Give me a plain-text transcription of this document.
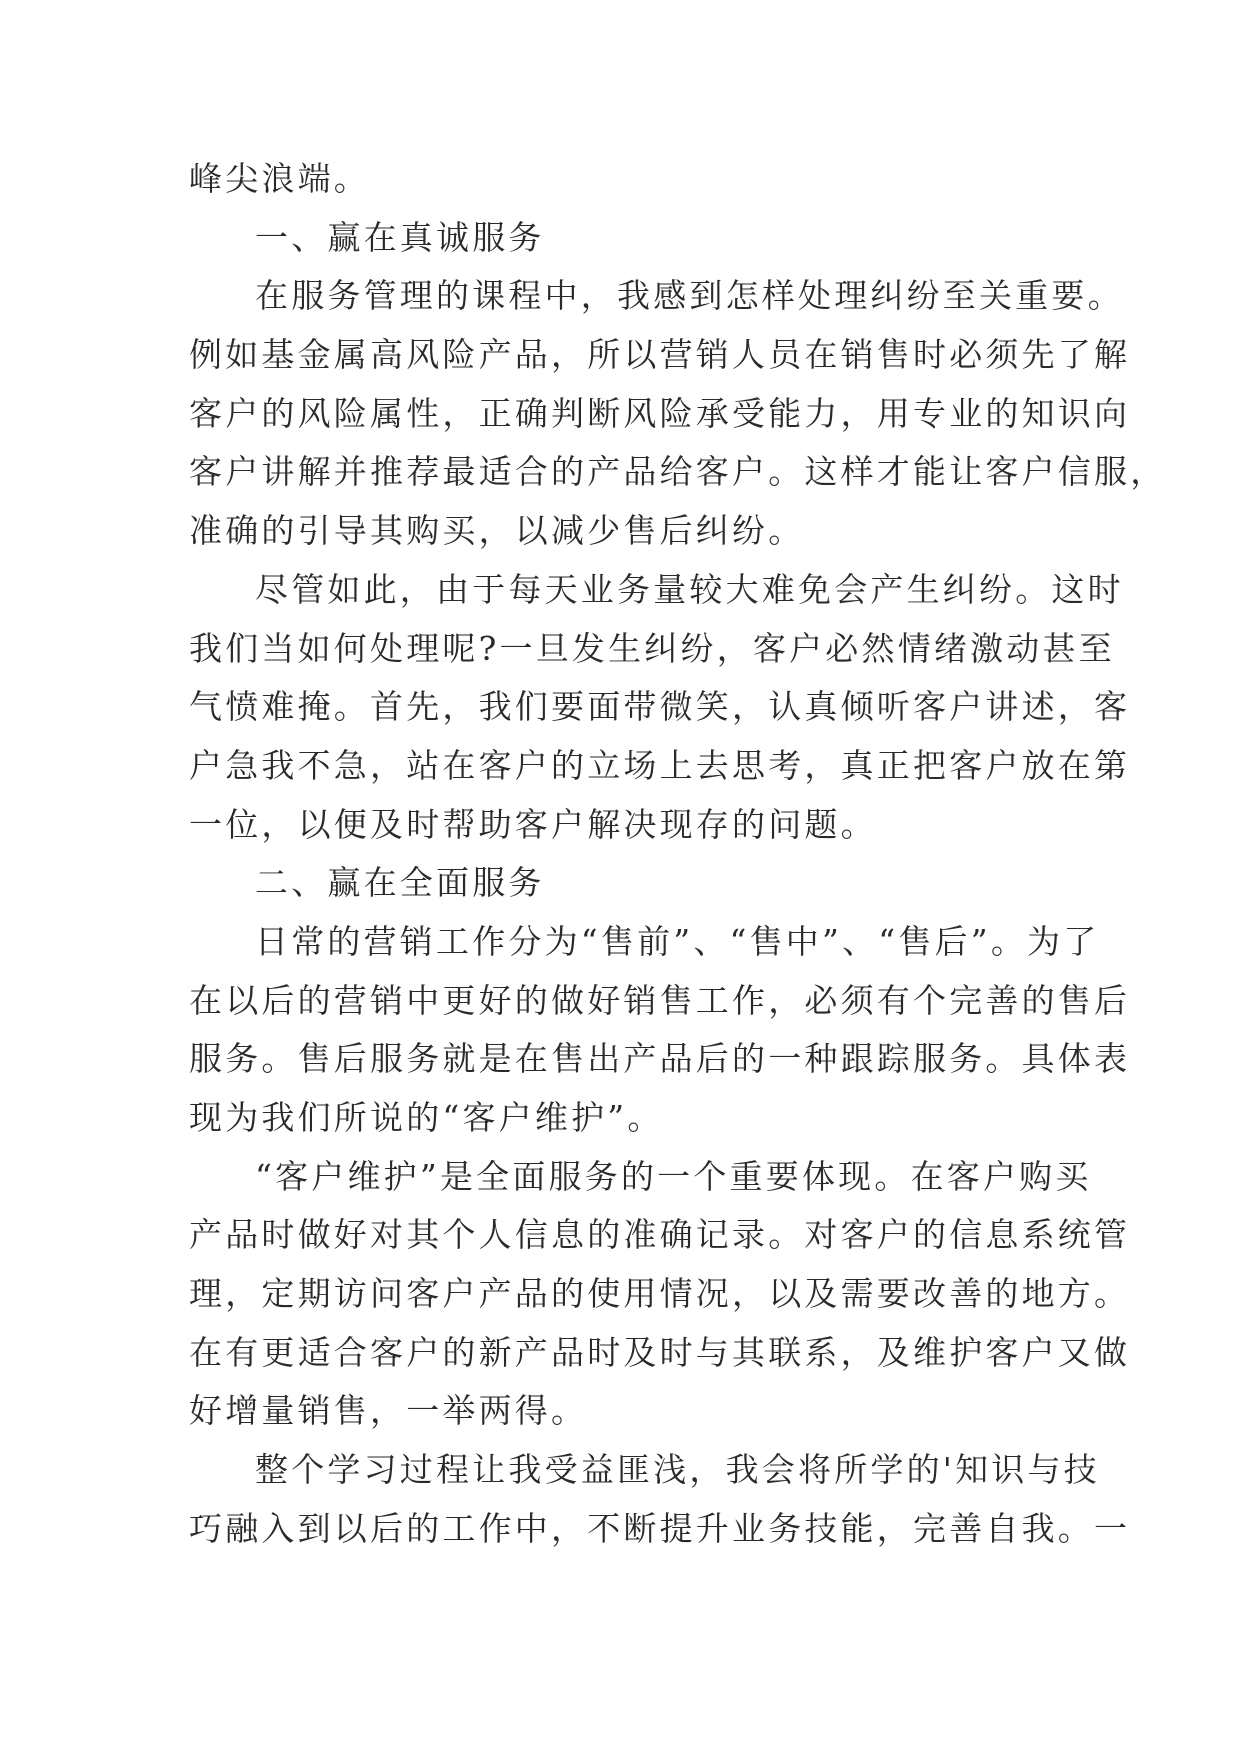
峰尖浪端。
一、赢在真诚服务
在服务管理的课程中，我感到怎样处理纠纷至关重要。
例如基金属高风险产品，所以营销人员在销售时必须先了解
客户的风险属性，正确判断风险承受能力，用专业的知识向
客户讲解并推荐最适合的产品给客户。这样才能让客户信服，
准确的引导其购买，以减少售后纠纷。
尽管如此，由于每天业务量较大难免会产生纠纷。这时
我们当如何处理呢?一旦发生纠纷，客户必然情绪激动甚至
气愤难掩。首先，我们要面带微笑，认真倾听客户讲述，客
户急我不急，站在客户的立场上去思考，真正把客户放在第
一位，以便及时帮助客户解决现存的问题。
二、赢在全面服务
日常的营销工作分为“售前”、“售中”、“售后”。为了
在以后的营销中更好的做好销售工作，必须有个完善的售后
服务。售后服务就是在售出产品后的一种跟踪服务。具体表
现为我们所说的“客户维护”。
“客户维护”是全面服务的一个重要体现。在客户购买
产品时做好对其个人信息的准确记录。对客户的信息系统管
理，定期访问客户产品的使用情况，以及需要改善的地方。
在有更适合客户的新产品时及时与其联系，及维护客户又做
好增量销售，一举两得。
整个学习过程让我受益匪浅，我会将所学的'知识与技
巧融入到以后的工作中，不断提升业务技能，完善自我。一
